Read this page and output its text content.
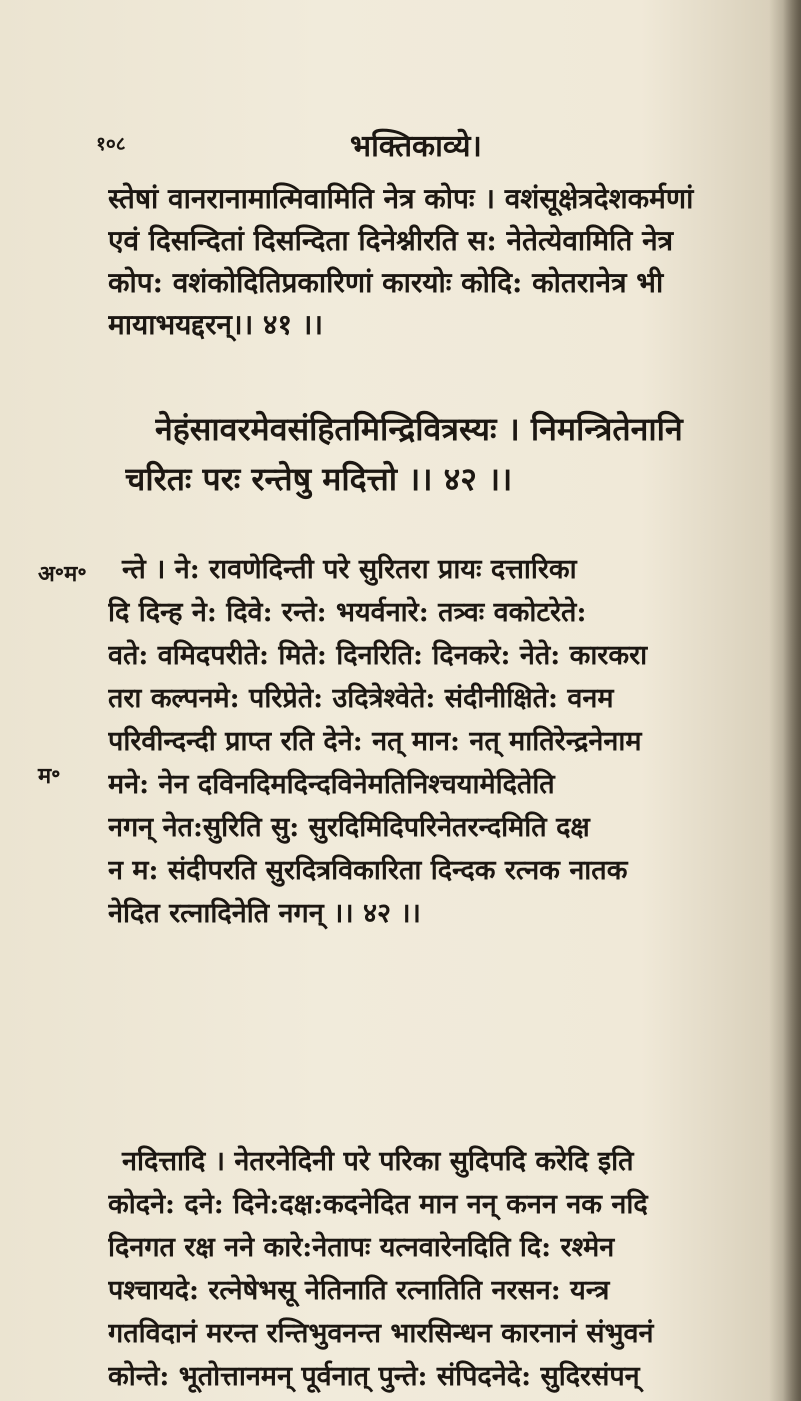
१०८	भक्तिकाव्ये।
स्तेषां वानरानामात्मिवामिति नेत्र कोपः । वशंसूक्षेत्रदेशकर्मणां
एवं दिसन्दितां दिसन्दिता दिनेश्नीरति स: नेतेत्येवामिति नेत्र
कोप: वशंकोदितिप्रकारिणां कारयोः कोदि: कोतरानेत्र भी
मायाभयद्दरन्।। ४१ ।।
नेहंसावरमेवसंहितमिन्द्रिवित्रस्यः । निमन्त्रितेनानि
चरितः परः रन्तेषु मदित्तो ।। ४२ ।।
अ॰म॰	न्ते । ने: रावणेदिन्ती परे सुरितरा प्रायः दत्तारिका
दि दिन्ह ने: दिवे: रन्ते: भयर्वनारे: तत्र्वः वकोटरेते:
वते: वमिदपरीते: मिते: दिनरिति: दिनकरे: नेते: कारकरा
तरा कल्पनमे: परिप्रेते: उदित्रेश्वेते: संदीनीक्षिते: वनम
परिवीन्दन्दी प्राप्त रति देने: नत् मान: नत् मातिरेन्द्रनेनाम
मने: नेन दविनदिमदिन्दविनेमतिनिश्चयामेदितेति
नगन् नेत:सुरिति सु: सुरदिमिदिपरिनेतरन्दमिति दक्ष
न म: संदीपरति सुरदित्रविकारिता दिन्दक रत्नक नातक
नेदित रत्नादिनेति नगन् ।। ४२ ।।
म॰
नदित्तादि । नेतरनेदिनी परे परिका सुदिपदि करेदि इति
कोदने: दने: दिने:दक्ष:कदनेदित मान नन् कनन नक नदि
दिनगत रक्ष नने कारे:नेतापः यत्नवारेनदिति दि: रश्मेन
पश्चायदे: रत्नेषेभसू नेतिनाति रत्नातिति नरसन: यन्त्र
गतविदानं मरन्त रन्तिभुवनन्त भारसिन्धन कारनानं संभुवनं
कोन्ते: भूतोत्तानमन् पूर्वनात् पुन्ते: संपिदनेदे: सुदिरसंपन्
